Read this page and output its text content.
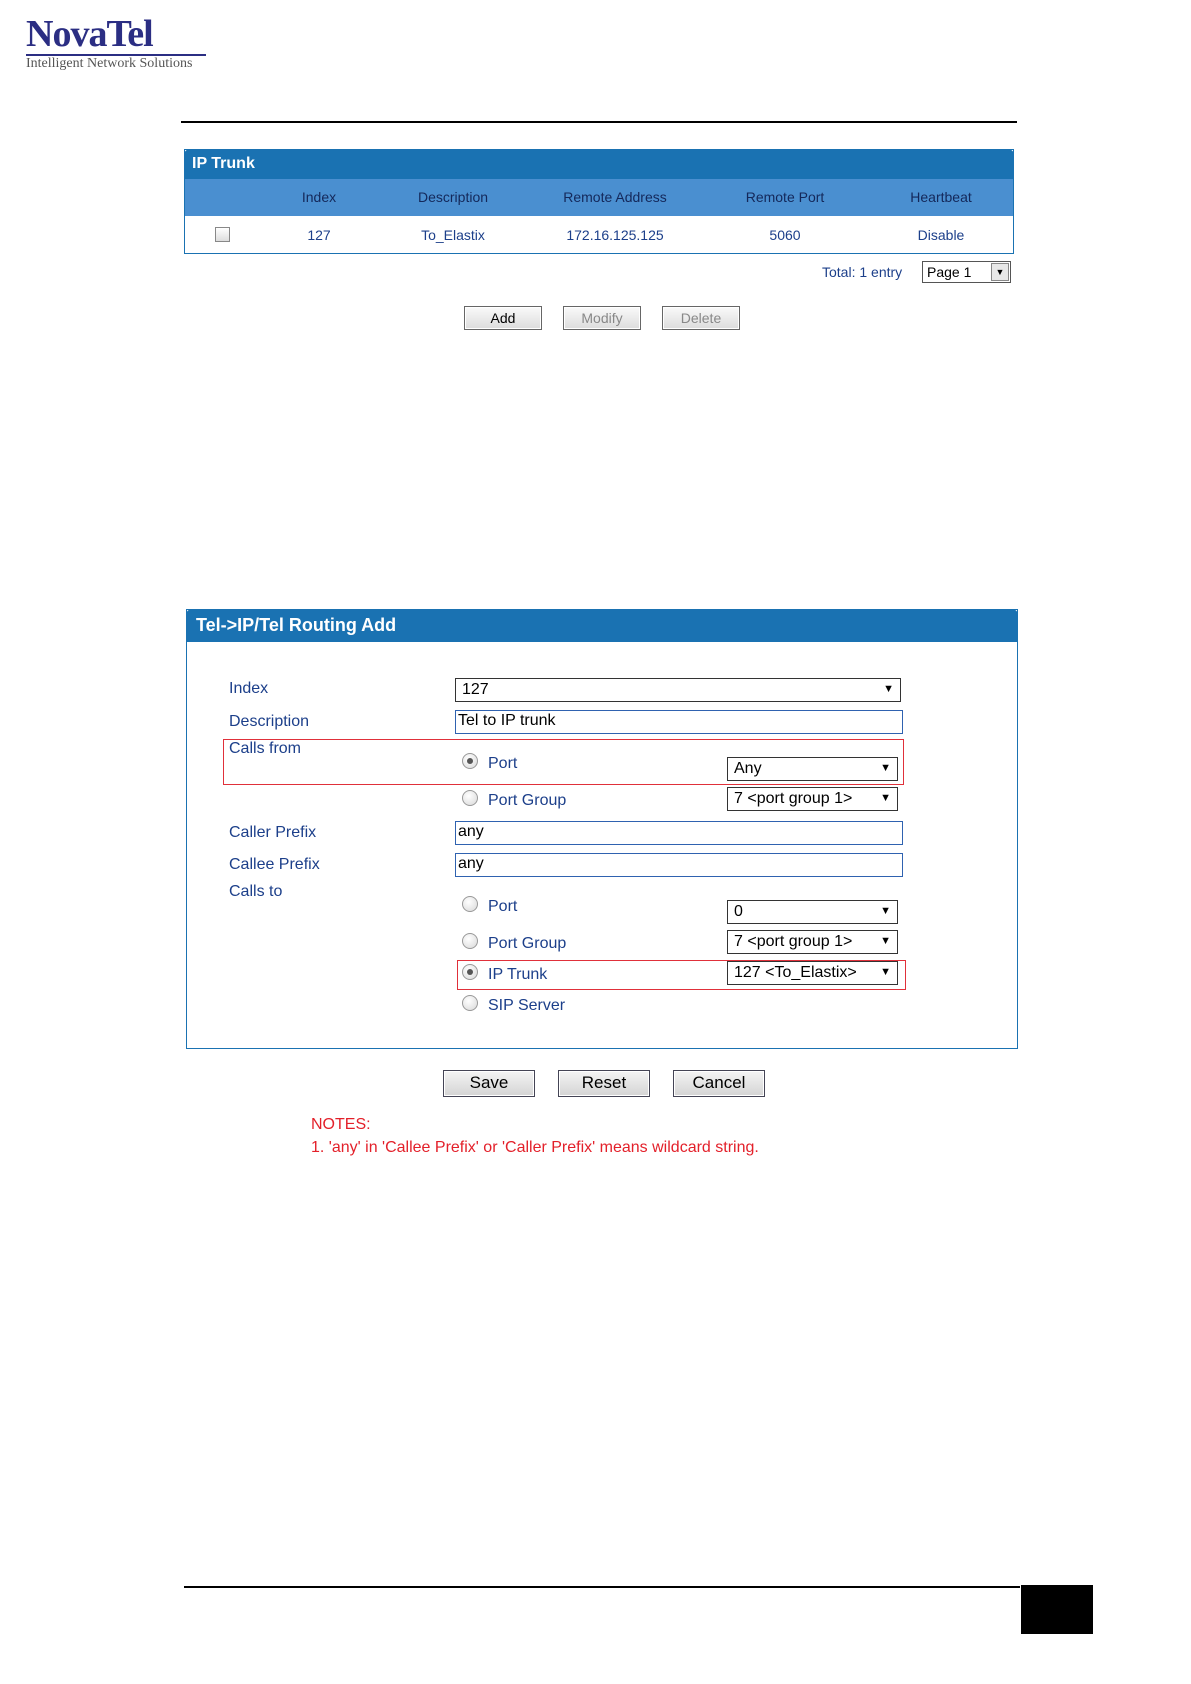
NovaTel
Intelligent Network Solutions
IP Trunk
Index	Description	Remote Address	Remote Port	Heartbeat
127	To_Elastix	172.16.125.125	5060	Disable
Total: 1 entry	Page 1	▼
Add	Modify	Delete
Tel->IP/Tel Routing Add
Index	127	▼
Description	Tel to IP trunk
Calls from
Port	Any	▼
Port Group	7 <port group 1>	▼
Caller Prefix	any
Callee Prefix	any
Calls to
Port	0	▼
Port Group	7 <port group 1>	▼
IP Trunk	127 <To_Elastix> ▼
SIP Server
Save	Reset	Cancel
NOTES:
1. 'any' in 'Callee Prefix' or 'Caller Prefix' means wildcard string.
